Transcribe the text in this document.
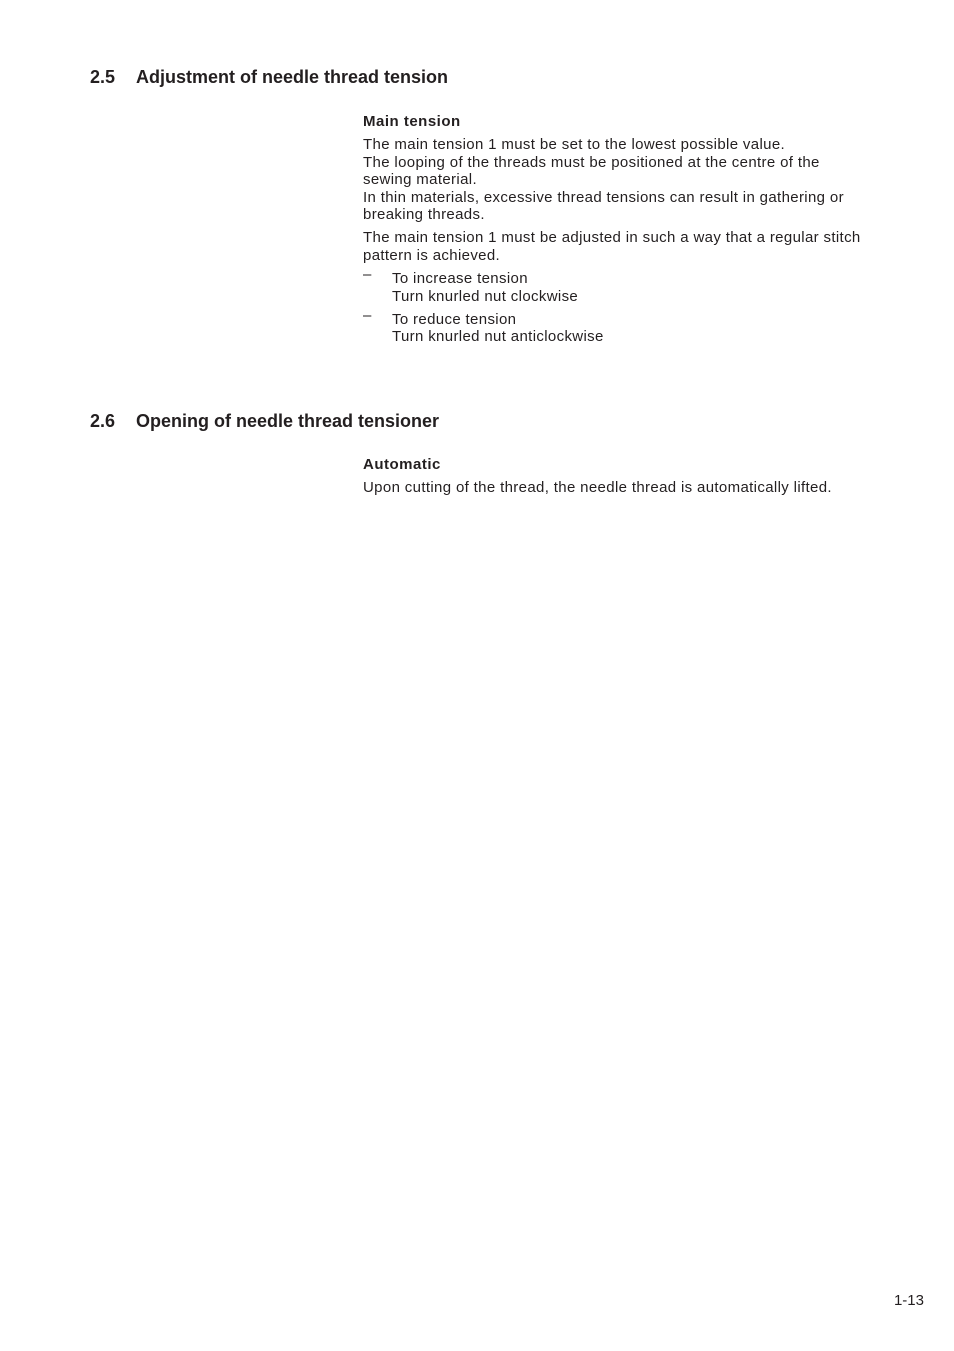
2.5 Adjustment of needle thread tension
Main tension

The main tension 1 must be set to the lowest possible value.

The looping of the threads must be positioned at the centre of the

sewing material.

In thin materials, excessive thread tensions can result in gathering or

breaking threads.

The main tension 1 must be adjusted in such a way that a regular stitch

pattern is achieved.

– To increase tension
Turn knurled nut clockwise
– To reduce tension
Turn knurled nut anticlockwise
2.6 Opening of needle thread tensioner
Automatic

Upon cutting of the thread, the needle thread is automatically lifted.

1-13
